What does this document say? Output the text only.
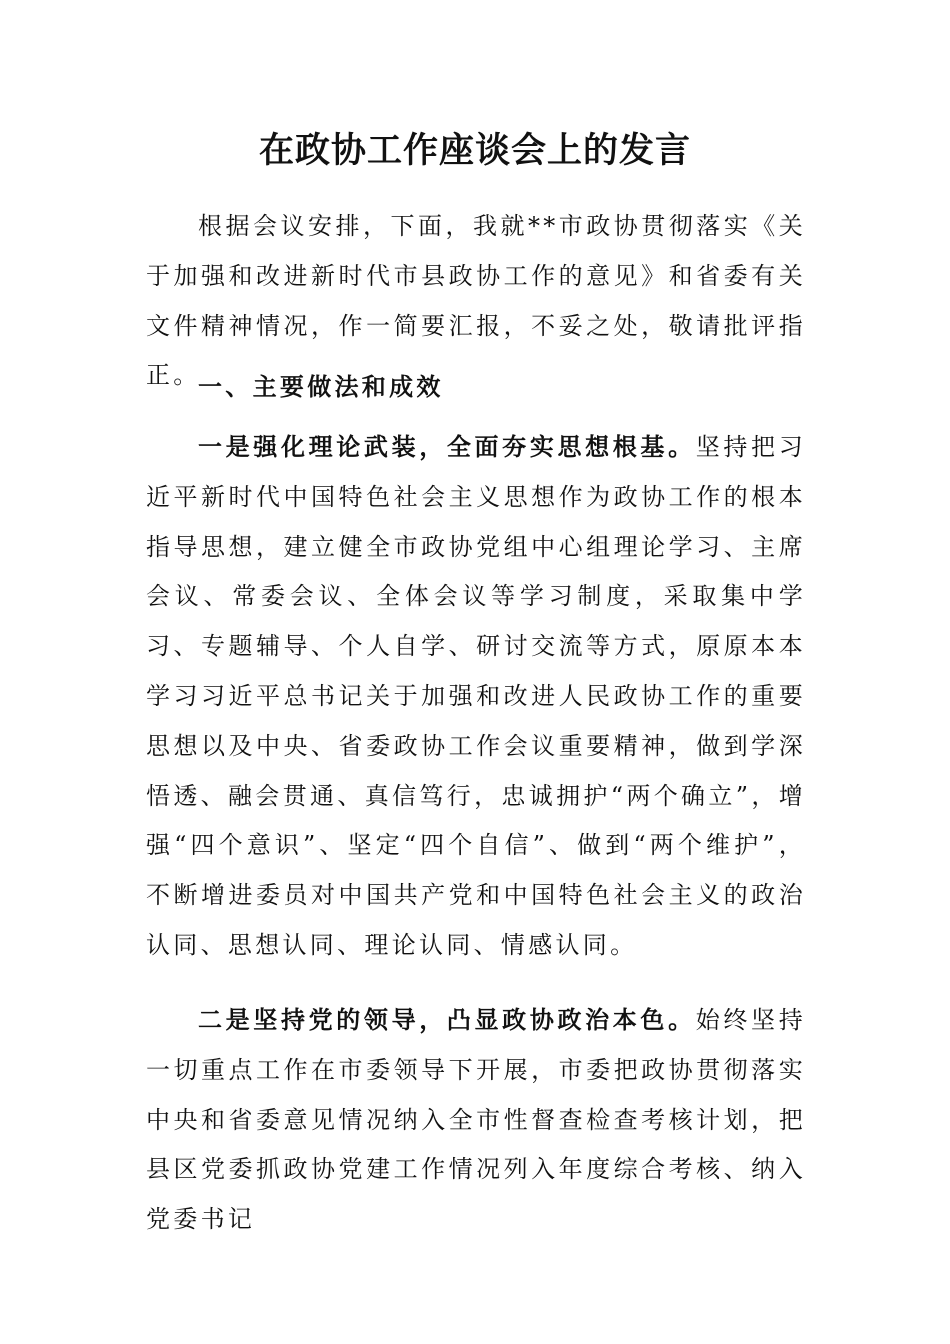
在政协工作座谈会上的发言

根据会议安排，下面，我就**市政协贯彻落实《关于加强和改进新时代市县政协工作的意见》和省委有关文件精神情况，作一简要汇报，不妥之处，敬请批评指正。

一、主要做法和成效

一是强化理论武装，全面夯实思想根基。坚持把习近平新时代中国特色社会主义思想作为政协工作的根本指导思想，建立健全市政协党组中心组理论学习、主席会议、常委会议、全体会议等学习制度，采取集中学习、专题辅导、个人自学、研讨交流等方式，原原本本学习习近平总书记关于加强和改进人民政协工作的重要思想以及中央、省委政协工作会议重要精神，做到学深悟透、融会贯通、真信笃行，忠诚拥护“两个确立”，增强“四个意识”、坚定“四个自信”、做到“两个维护”，不断增进委员对中国共产党和中国特色社会主义的政治认同、思想认同、理论认同、情感认同。

二是坚持党的领导，凸显政协政治本色。始终坚持一切重点工作在市委领导下开展，市委把政协贯彻落实中央和省委意见情况纳入全市性督查检查考核计划，把县区党委抓政协党建工作情况列入年度综合考核、纳入党委书记
